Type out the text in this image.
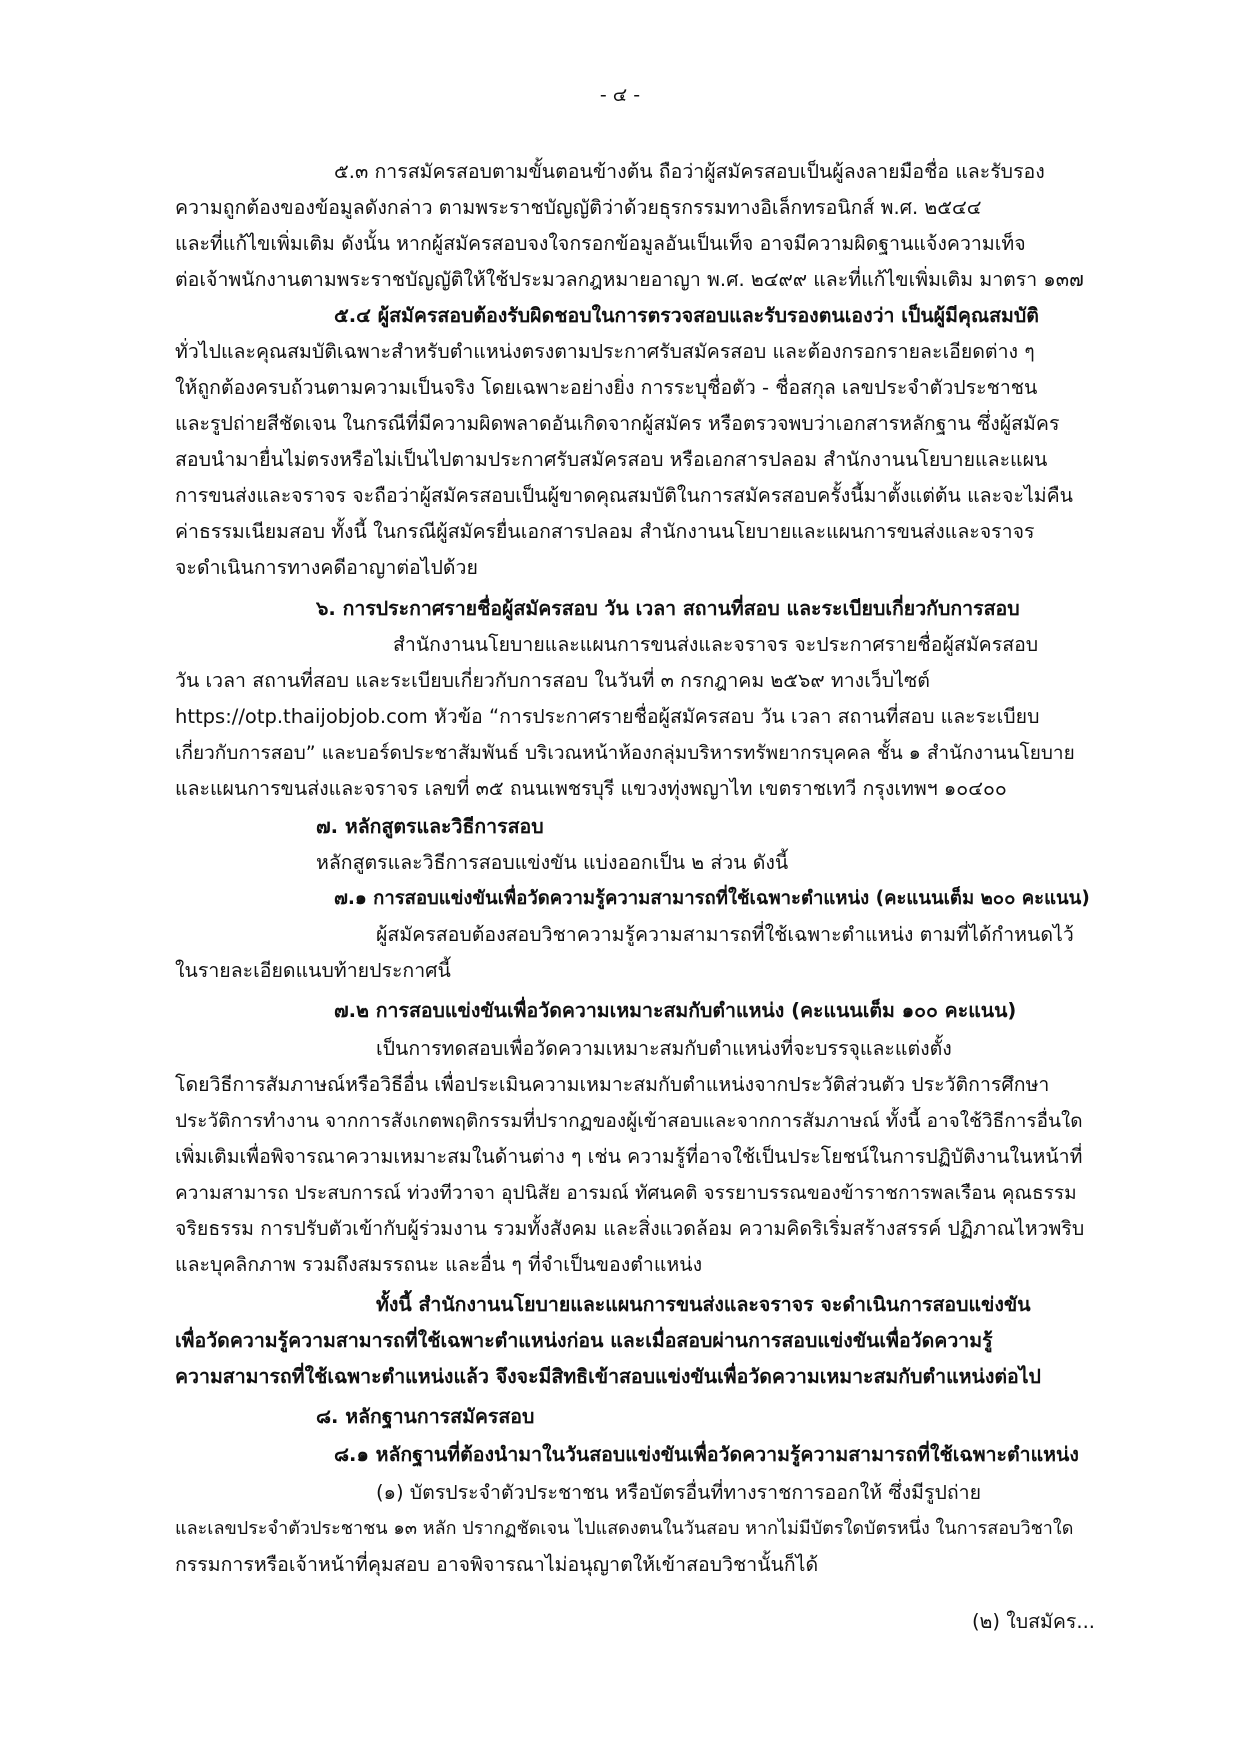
- ๔ -
๕.๓ การสมัครสอบตามขั้นตอนข้างต้น ถือว่าผู้สมัครสอบเป็นผู้ลงลายมือชื่อ และรับรอง
ความถูกต้องของข้อมูลดังกล่าว ตามพระราชบัญญัติว่าด้วยธุรกรรมทางอิเล็กทรอนิกส์ พ.ศ. ๒๕๔๔
และที่แก้ไขเพิ่มเติม ดังนั้น หากผู้สมัครสอบจงใจกรอกข้อมูลอันเป็นเท็จ อาจมีความผิดฐานแจ้งความเท็จ
ต่อเจ้าพนักงานตามพระราชบัญญัติให้ใช้ประมวลกฎหมายอาญา พ.ศ. ๒๔๙๙ และที่แก้ไขเพิ่มเติม มาตรา ๑๓๗
๕.๔ ผู้สมัครสอบต้องรับผิดชอบในการตรวจสอบและรับรองตนเองว่า เป็นผู้มีคุณสมบัติ
ทั่วไปและคุณสมบัติเฉพาะสำหรับตำแหน่งตรงตามประกาศรับสมัครสอบ และต้องกรอกรายละเอียดต่าง ๆ
ให้ถูกต้องครบถ้วนตามความเป็นจริง โดยเฉพาะอย่างยิ่ง การระบุชื่อตัว - ชื่อสกุล เลขประจำตัวประชาชน
และรูปถ่ายสีชัดเจน ในกรณีที่มีความผิดพลาดอันเกิดจากผู้สมัคร หรือตรวจพบว่าเอกสารหลักฐาน ซึ่งผู้สมัคร
สอบนำมายื่นไม่ตรงหรือไม่เป็นไปตามประกาศรับสมัครสอบ หรือเอกสารปลอม สำนักงานนโยบายและแผน
การขนส่งและจราจร จะถือว่าผู้สมัครสอบเป็นผู้ขาดคุณสมบัติในการสมัครสอบครั้งนี้มาตั้งแต่ต้น และจะไม่คืน
ค่าธรรมเนียมสอบ ทั้งนี้ ในกรณีผู้สมัครยื่นเอกสารปลอม สำนักงานนโยบายและแผนการขนส่งและจราจร
จะดำเนินการทางคดีอาญาต่อไปด้วย
๖. การประกาศรายชื่อผู้สมัครสอบ วัน เวลา สถานที่สอบ และระเบียบเกี่ยวกับการสอบ
สำนักงานนโยบายและแผนการขนส่งและจราจร จะประกาศรายชื่อผู้สมัครสอบ
วัน เวลา สถานที่สอบ และระเบียบเกี่ยวกับการสอบ ในวันที่ ๓ กรกฎาคม ๒๕๖๙ ทางเว็บไซต์
https://otp.thaijobjob.com หัวข้อ “การประกาศรายชื่อผู้สมัครสอบ วัน เวลา สถานที่สอบ และระเบียบ
เกี่ยวกับการสอบ” และบอร์ดประชาสัมพันธ์ บริเวณหน้าห้องกลุ่มบริหารทรัพยากรบุคคล ชั้น ๑ สำนักงานนโยบาย
และแผนการขนส่งและจราจร เลขที่ ๓๕ ถนนเพชรบุรี แขวงทุ่งพญาไท เขตราชเทวี กรุงเทพฯ ๑๐๔๐๐
๗. หลักสูตรและวิธีการสอบ
หลักสูตรและวิธีการสอบแข่งขัน แบ่งออกเป็น ๒ ส่วน ดังนี้
๗.๑ การสอบแข่งขันเพื่อวัดความรู้ความสามารถที่ใช้เฉพาะตำแหน่ง (คะแนนเต็ม ๒๐๐ คะแนน)
ผู้สมัครสอบต้องสอบวิชาความรู้ความสามารถที่ใช้เฉพาะตำแหน่ง ตามที่ได้กำหนดไว้
ในรายละเอียดแนบท้ายประกาศนี้
๗.๒ การสอบแข่งขันเพื่อวัดความเหมาะสมกับตำแหน่ง (คะแนนเต็ม ๑๐๐ คะแนน)
เป็นการทดสอบเพื่อวัดความเหมาะสมกับตำแหน่งที่จะบรรจุและแต่งตั้ง
โดยวิธีการสัมภาษณ์หรือวิธีอื่น เพื่อประเมินความเหมาะสมกับตำแหน่งจากประวัติส่วนตัว ประวัติการศึกษา
ประวัติการทำงาน จากการสังเกตพฤติกรรมที่ปรากฏของผู้เข้าสอบและจากการสัมภาษณ์ ทั้งนี้ อาจใช้วิธีการอื่นใด
เพิ่มเติมเพื่อพิจารณาความเหมาะสมในด้านต่าง ๆ เช่น ความรู้ที่อาจใช้เป็นประโยชน์ในการปฏิบัติงานในหน้าที่
ความสามารถ ประสบการณ์ ท่วงทีวาจา อุปนิสัย อารมณ์ ทัศนคติ จรรยาบรรณของข้าราชการพลเรือน คุณธรรม
จริยธรรม การปรับตัวเข้ากับผู้ร่วมงาน รวมทั้งสังคม และสิ่งแวดล้อม ความคิดริเริ่มสร้างสรรค์ ปฏิภาณไหวพริบ
และบุคลิกภาพ รวมถึงสมรรถนะ และอื่น ๆ ที่จำเป็นของตำแหน่ง
ทั้งนี้ สำนักงานนโยบายและแผนการขนส่งและจราจร จะดำเนินการสอบแข่งขัน
เพื่อวัดความรู้ความสามารถที่ใช้เฉพาะตำแหน่งก่อน และเมื่อสอบผ่านการสอบแข่งขันเพื่อวัดความรู้
ความสามารถที่ใช้เฉพาะตำแหน่งแล้ว จึงจะมีสิทธิเข้าสอบแข่งขันเพื่อวัดความเหมาะสมกับตำแหน่งต่อไป
๘. หลักฐานการสมัครสอบ
๘.๑ หลักฐานที่ต้องนำมาในวันสอบแข่งขันเพื่อวัดความรู้ความสามารถที่ใช้เฉพาะตำแหน่ง
(๑) บัตรประจำตัวประชาชน หรือบัตรอื่นที่ทางราชการออกให้ ซึ่งมีรูปถ่าย
และเลขประจำตัวประชาชน ๑๓ หลัก ปรากฏชัดเจน ไปแสดงตนในวันสอบ หากไม่มีบัตรใดบัตรหนึ่ง ในการสอบวิชาใด
กรรมการหรือเจ้าหน้าที่คุมสอบ อาจพิจารณาไม่อนุญาตให้เข้าสอบวิชานั้นก็ได้
(๒) ใบสมัคร...
